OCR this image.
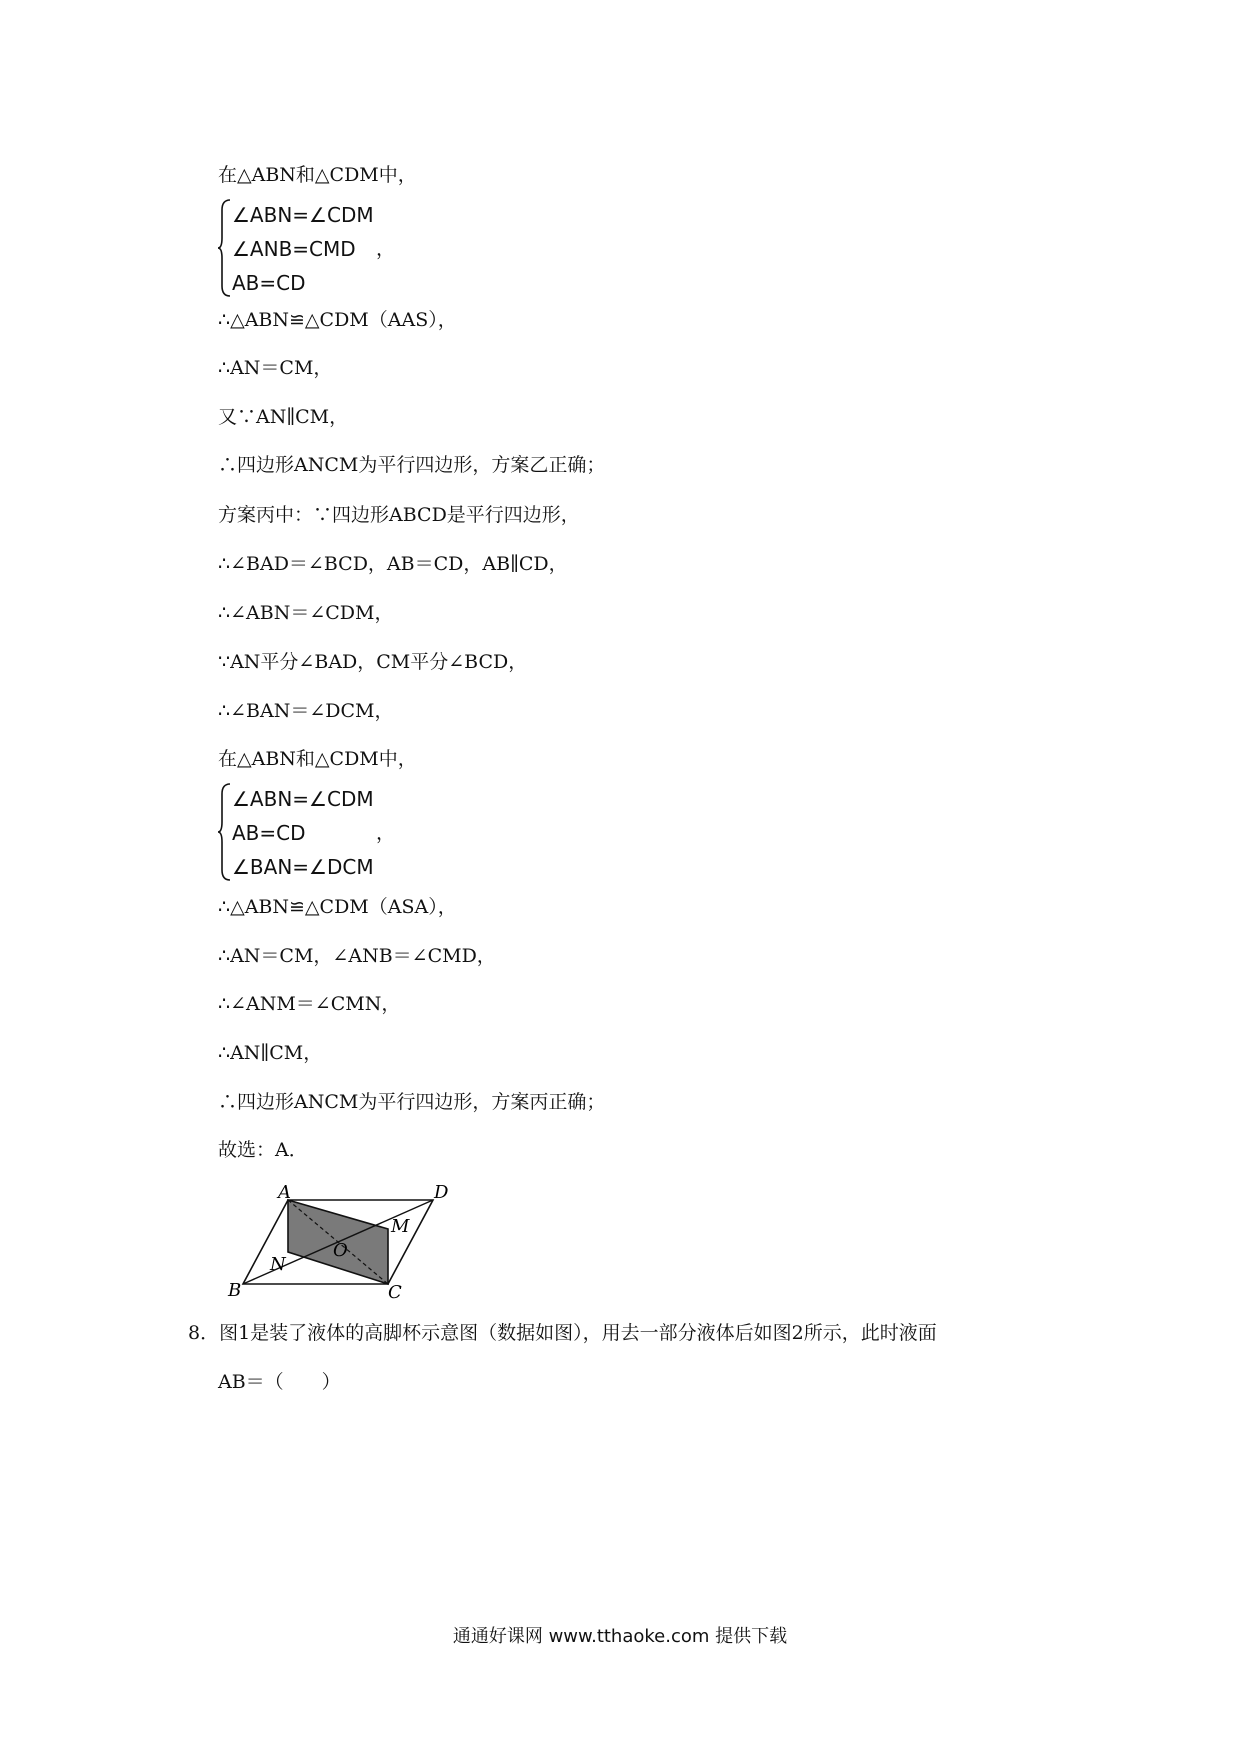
在△ABN和△CDM中，
∠ABN=∠CDM
∠ANB=CMD
AB=CD
，
∴△ABN≌△CDM（AAS），
∴AN＝CM，
又∵AN∥CM，
∴四边形ANCM为平行四边形，方案乙正确；
方案丙中：∵四边形ABCD是平行四边形，
∴∠BAD＝∠BCD，AB＝CD，AB∥CD，
∴∠ABN＝∠CDM，
∵AN平分∠BAD，CM平分∠BCD，
∴∠BAN＝∠DCM，
在△ABN和△CDM中，
∠ABN=∠CDM
AB=CD
∠BAN=∠DCM
，
∴△ABN≌△CDM（ASA），
∴AN＝CM，∠ANB＝∠CMD，
∴∠ANM＝∠CMN，
∴AN∥CM，
∴四边形ANCM为平行四边形，方案丙正确；
故选：A．
A	D
M
O
N
B	C
8．图1是装了液体的高脚杯示意图（数据如图），用去一部分液体后如图2所示，此时液面
AB＝（　　）
通通好课网 www.tthaoke.com 提供下载
